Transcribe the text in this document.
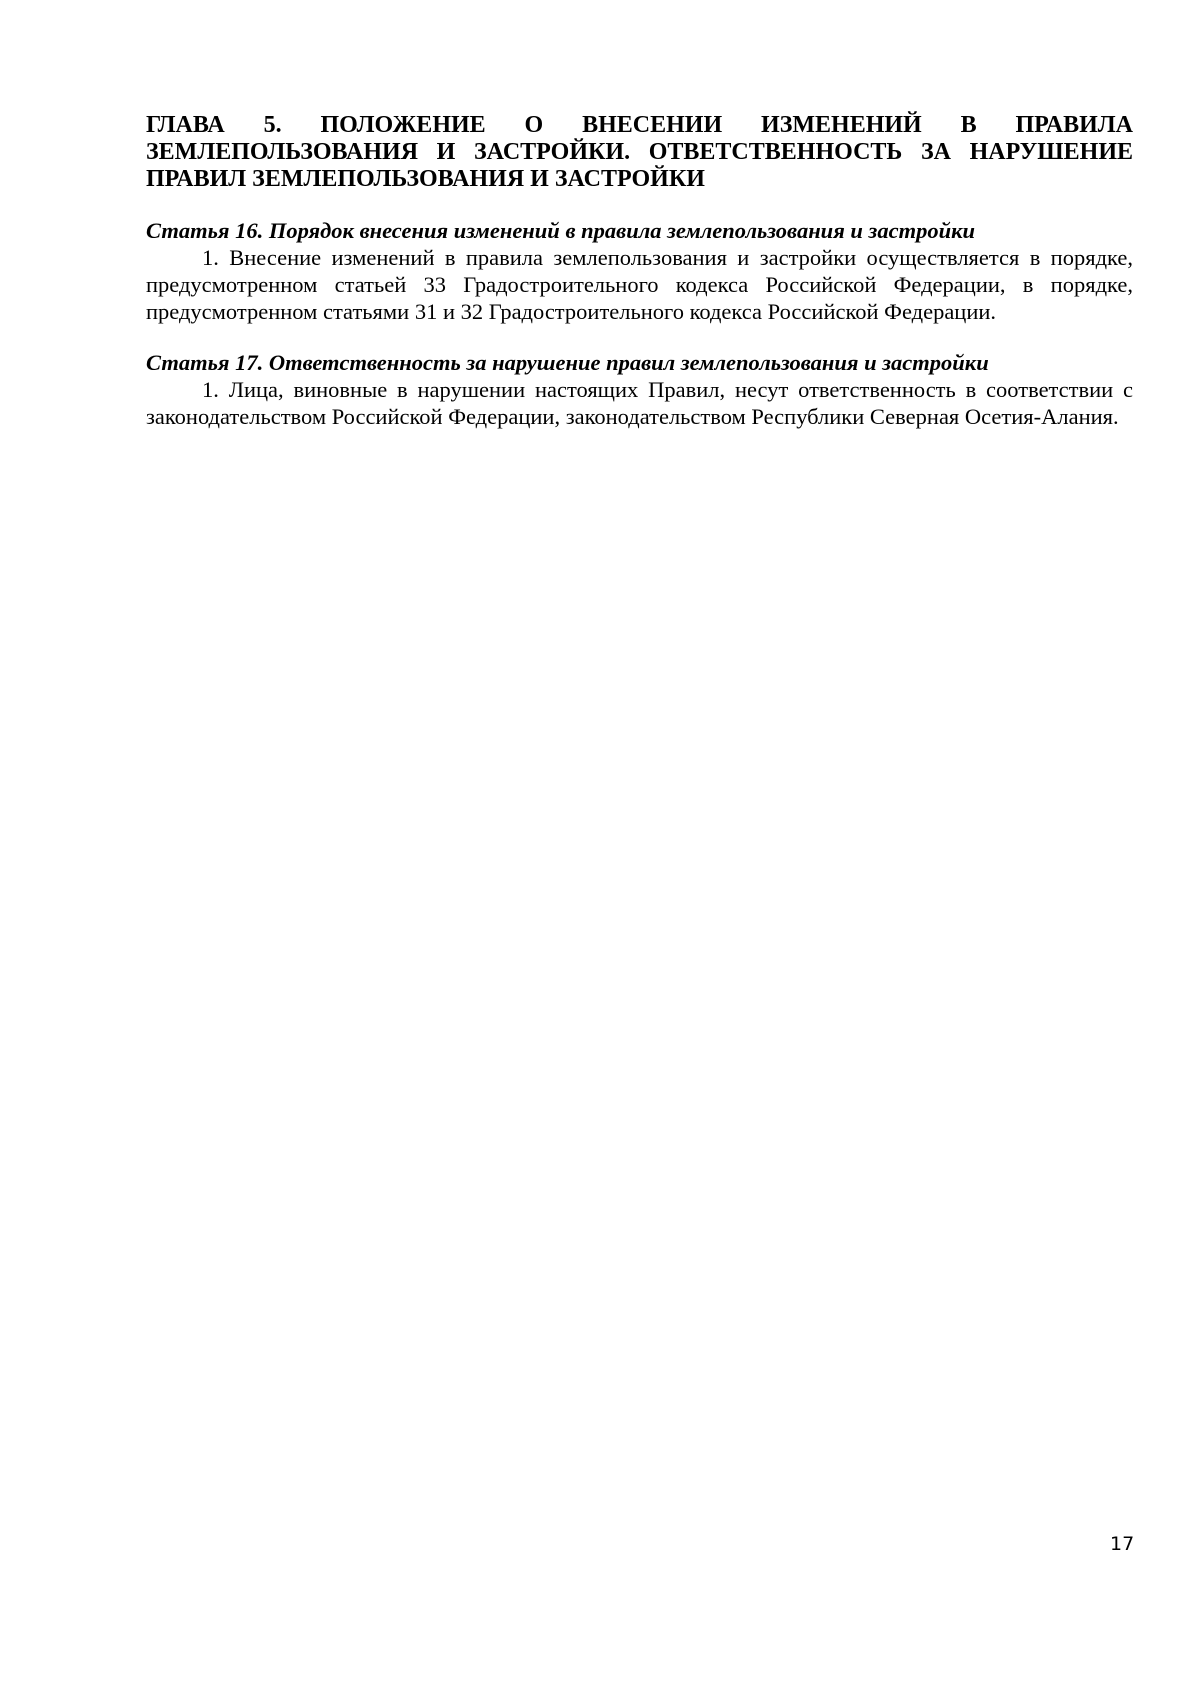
ГЛАВА 5. ПОЛОЖЕНИЕ О ВНЕСЕНИИ ИЗМЕНЕНИЙ В ПРАВИЛА ЗЕМЛЕПОЛЬЗОВАНИЯ И ЗАСТРОЙКИ. ОТВЕТСТВЕННОСТЬ ЗА НАРУШЕНИЕ ПРАВИЛ ЗЕМЛЕПОЛЬЗОВАНИЯ И ЗАСТРОЙКИ
Статья 16. Порядок внесения изменений в правила землепользования и застройки

1. Внесение изменений в правила землепользования и застройки осуществляется в порядке, предусмотренном статьей 33 Градостроительного кодекса Российской Федерации, в порядке, предусмотренном статьями 31 и 32 Градостроительного кодекса Российской Федерации.

Статья 17. Ответственность за нарушение правил землепользования и застройки

1. Лица, виновные в нарушении настоящих Правил, несут ответственность в соответствии с законодательством Российской Федерации, законодательством Республики Северная Осетия-Алания.

17
